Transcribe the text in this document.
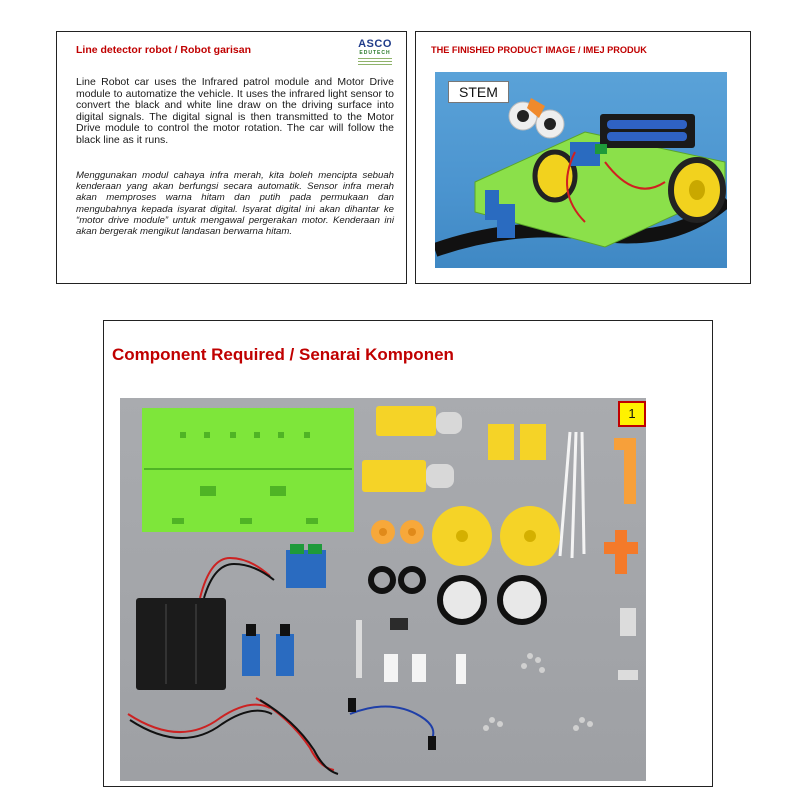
Line detector robot / Robot garisan	ASCO
EDUTECH
Line Robot car uses the Infrared patrol module and Motor Drive module to automatize the vehicle. It uses the infrared light sensor to convert the black and white line draw on the driving surface into digital signals. The digital signal is then transmitted to the Motor Drive module to control the motor rotation. The car will follow the black line as it runs.
Menggunakan modul cahaya infra merah, kita boleh mencipta sebuah kenderaan yang akan berfungsi secara automatik. Sensor infra merah akan memproses warna hitam dan putih pada permukaan dan mengubahnya kepada isyarat digital. Isyarat digital ini akan dihantar ke “motor drive module” untuk mengawal pergerakan motor. Kenderaan ini akan bergerak mengikut landasan berwarna hitam.
THE FINISHED PRODUCT IMAGE / IMEJ PRODUK
STEM
Component Required / Senarai Komponen
1
